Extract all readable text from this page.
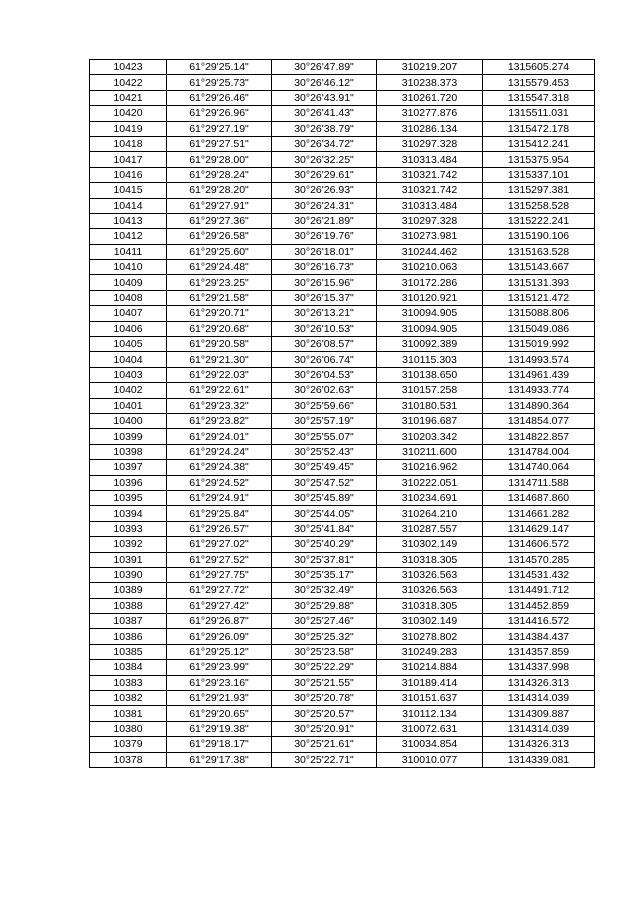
10423	61°29'25.14"	30°26'47.89"	310219.207	1315605.274
10422	61°29'25.73"	30°26'46.12"	310238.373	1315579.453
10421	61°29'26.46"	30°26'43.91"	310261.720	1315547.318
10420	61°29'26.96"	30°26'41.43"	310277.876	1315511.031
10419	61°29'27.19"	30°26'38.79"	310286.134	1315472.178
10418	61°29'27.51"	30°26'34.72"	310297.328	1315412.241
10417	61°29'28.00"	30°26'32.25"	310313.484	1315375.954
10416	61°29'28.24"	30°26'29.61"	310321.742	1315337.101
10415	61°29'28.20"	30°26'26.93"	310321.742	1315297.381
10414	61°29'27.91"	30°26'24.31"	310313.484	1315258.528
10413	61°29'27.36"	30°26'21.89"	310297.328	1315222.241
10412	61°29'26.58"	30°26'19.76"	310273.981	1315190.106
10411	61°29'25.60"	30°26'18.01"	310244.462	1315163.528
10410	61°29'24.48"	30°26'16.73"	310210.063	1315143.667
10409	61°29'23.25"	30°26'15.96"	310172.286	1315131.393
10408	61°29'21.58"	30°26'15.37"	310120.921	1315121.472
10407	61°29'20.71"	30°26'13.21"	310094.905	1315088.806
10406	61°29'20.68"	30°26'10.53"	310094.905	1315049.086
10405	61°29'20.58"	30°26'08.57"	310092.389	1315019.992
10404	61°29'21.30"	30°26'06.74"	310115.303	1314993.574
10403	61°29'22.03"	30°26'04.53"	310138.650	1314961.439
10402	61°29'22.61"	30°26'02.63"	310157.258	1314933.774
10401	61°29'23.32"	30°25'59.66"	310180.531	1314890.364
10400	61°29'23.82"	30°25'57.19"	310196.687	1314854.077
10399	61°29'24.01"	30°25'55.07"	310203.342	1314822.857
10398	61°29'24.24"	30°25'52.43"	310211.600	1314784.004
10397	61°29'24.38"	30°25'49.45"	310216.962	1314740.064
10396	61°29'24.52"	30°25'47.52"	310222.051	1314711.588
10395	61°29'24.91"	30°25'45.89"	310234.691	1314687.860
10394	61°29'25.84"	30°25'44.05"	310264.210	1314661.282
10393	61°29'26.57"	30°25'41.84"	310287.557	1314629.147
10392	61°29'27.02"	30°25'40.29"	310302.149	1314606.572
10391	61°29'27.52"	30°25'37.81"	310318.305	1314570.285
10390	61°29'27.75"	30°25'35.17"	310326.563	1314531.432
10389	61°29'27.72"	30°25'32.49"	310326.563	1314491.712
10388	61°29'27.42"	30°25'29.88"	310318.305	1314452.859
10387	61°29'26.87"	30°25'27.46"	310302.149	1314416.572
10386	61°29'26.09"	30°25'25.32"	310278.802	1314384.437
10385	61°29'25.12"	30°25'23.58"	310249.283	1314357.859
10384	61°29'23.99"	30°25'22.29"	310214.884	1314337.998
10383	61°29'23.16"	30°25'21.55"	310189.414	1314326.313
10382	61°29'21.93"	30°25'20.78"	310151.637	1314314.039
10381	61°29'20.65"	30°25'20.57"	310112.134	1314309.887
10380	61°29'19.38"	30°25'20.91"	310072.631	1314314.039
10379	61°29'18.17"	30°25'21.61"	310034.854	1314326.313
10378	61°29'17.38"	30°25'22.71"	310010.077	1314339.081
